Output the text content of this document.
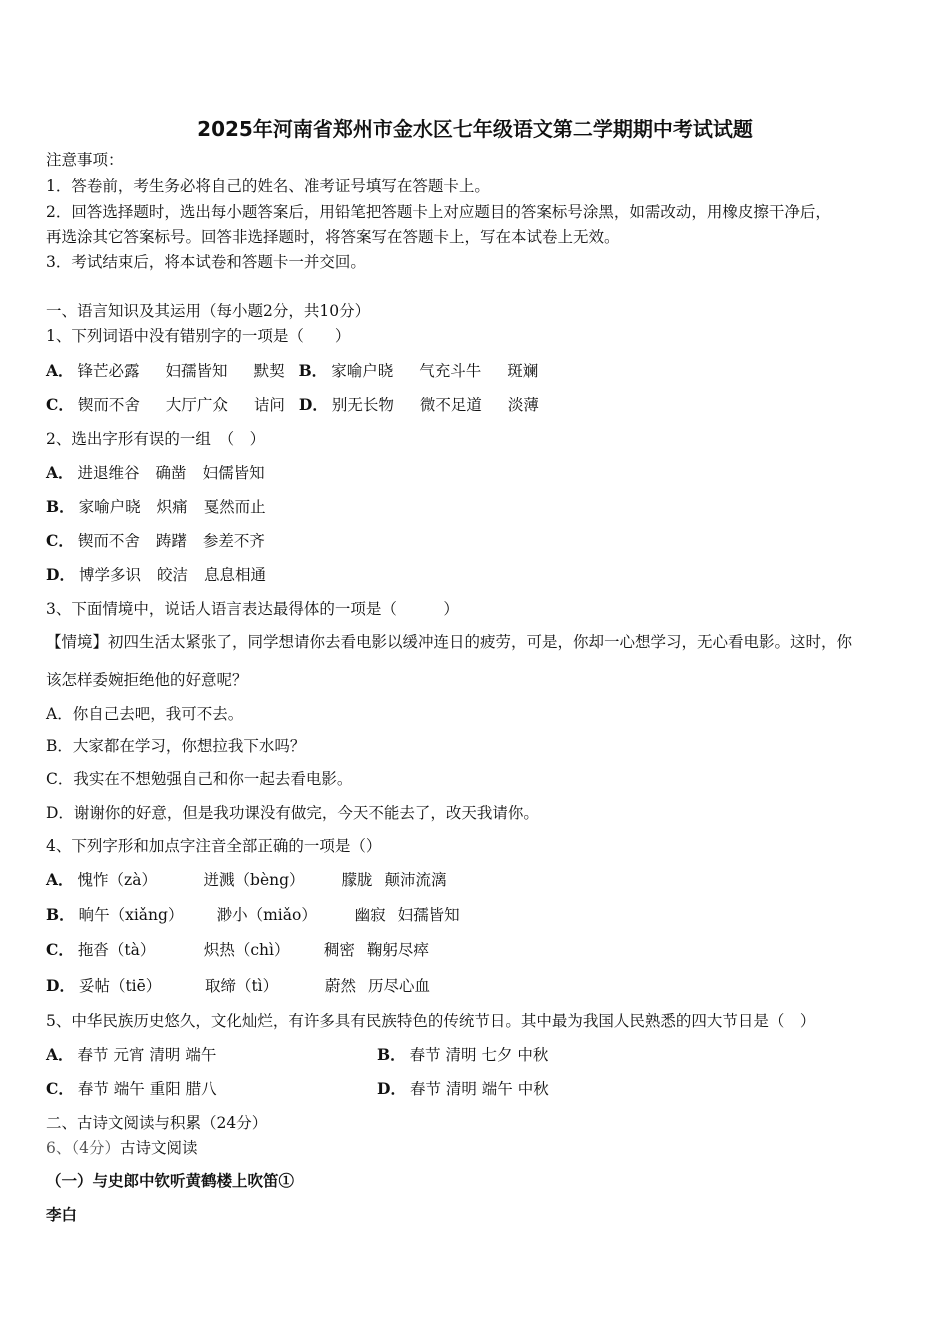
2025年河南省郑州市金水区七年级语文第二学期期中考试试题
注意事项：
1．答卷前，考生务必将自己的姓名、准考证号填写在答题卡上。
2．回答选择题时，选出每小题答案后，用铅笔把答题卡上对应题目的答案标号涂黑，如需改动，用橡皮擦干净后，
再选涂其它答案标号。回答非选择题时，将答案写在答题卡上，写在本试卷上无效。
3．考试结束后，将本试卷和答题卡一并交回。
一、语言知识及其运用（每小题2分，共10分）
1、下列词语中没有错别字的一项是（　　）
A． 锋芒必露 妇孺皆知 默契 B． 家喻户晓 气充斗牛 斑斓
C． 锲而不舍 大厅广众 诘问 D． 别无长物 微不足道 淡薄
2、选出字形有误的一组　（　）
A． 进退维谷 确凿 妇儒皆知
B． 家喻户晓 炽痛 戛然而止
C． 锲而不舍 踌躇 参差不齐
D． 博学多识 皎洁 息息相通
3、下面情境中，说话人语言表达最得体的一项是（　　　）
【情境】初四生活太紧张了，同学想请你去看电影以缓冲连日的疲劳，可是，你却一心想学习，无心看电影。这时，你
该怎样委婉拒绝他的好意呢？
A．你自己去吧，我可不去。
B．大家都在学习，你想拉我下水吗？
C．我实在不想勉强自己和你一起去看电影。
D．谢谢你的好意，但是我功课没有做完，今天不能去了，改天我请你。
4、下列字形和加点字注音全部正确的一项是（）
A． 愧怍（zà）	迸溅（bèng） 朦胧 颠沛流漓
B． 晌午（xiǎng） 渺小（miǎo） 幽寂 妇孺皆知
C． 拖沓（tà）	炽热（chì） 稠密 鞠躬尽瘁
D． 妥帖（tiē）	取缔（tì）	蔚然 历尽心血
5、中华民族历史悠久，文化灿烂，有许多具有民族特色的传统节日。其中最为我国人民熟悉的四大节日是（　）
A． 春节 元宵 清明 端午	B． 春节 清明 七夕 中秋
C． 春节 端午 重阳 腊八	D． 春节 清明 端午 中秋
二、古诗文阅读与积累（24分）
6、（4分）古诗文阅读
（一）与史郎中钦听黄鹤楼上吹笛①
李白
